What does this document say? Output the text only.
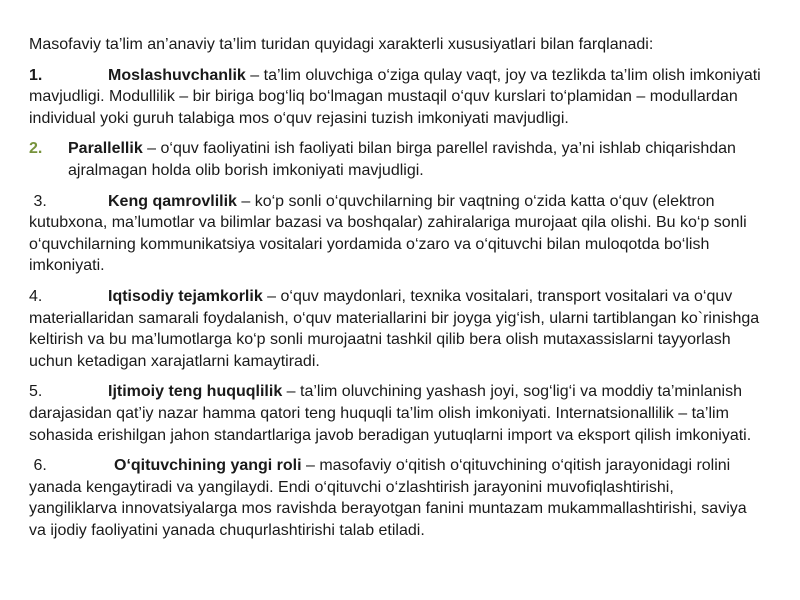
Masofaviy ta’lim an’anaviy ta’lim turidan quyidagi xarakterli xususiyatlari bilan farqlanadi:

1.	Moslashuvchanlik – ta’lim oluvchiga o‘ziga qulay vaqt, joy va tezlikda ta’lim olish imkoniyati mavjudligi. Modullilik – bir biriga bog‘liq bo‘lmagan mustaqil o‘quv kurslari to‘plamidan – modullardan individual yoki guruh talabiga mos o‘quv rejasini tuzish imkoniyati mavjudligi.

2.	Parallellik – o‘quv faoliyatini ish faoliyati bilan birga parellel ravishda, ya’ni ishlab chiqarishdan ajralmagan holda olib borish imkoniyati mavjudligi.

3.	Keng qamrovlilik – ko‘p sonli o‘quvchilarning bir vaqtning o‘zida katta o‘quv (elektron kutubxona, ma’lumotlar va bilimlar bazasi va boshqalar) zahiralariga murojaat qila olishi. Bu ko‘p sonli o‘quvchilarning kommunikatsiya vositalari yordamida o‘zaro va o‘qituvchi bilan muloqotda bo‘lish imkoniyati.

4.	Iqtisodiy tejamkorlik – o‘quv maydonlari, texnika vositalari, transport vositalari va o‘quv materiallaridan samarali foydalanish, o‘quv materiallarini bir joyga yig‘ish, ularni tartiblangan ko`rinishga keltirish va bu ma’lumotlarga ko‘p sonli murojaatni tashkil qilib bera olish mutaxassislarni tayyorlash uchun ketadigan xarajatlarni kamaytiradi.

5.	Ijtimoiy teng huquqlilik – ta’lim oluvchining yashash joyi, sog‘lig‘i va moddiy ta’minlanish darajasidan qat’iy nazar hamma qatori teng huquqli ta’lim olish imkoniyati. Internatsionallilik – ta’lim sohasida erishilgan jahon standartlariga javob beradigan yutuqlarni import va eksport qilish imkoniyati.

6.	O‘qituvchining yangi roli – masofaviy o‘qitish o‘qituvchining o‘qitish jarayonidagi rolini yanada kengaytiradi va yangilaydi. Endi o‘qituvchi o‘zlashtirish jarayonini muvofiqlashtirishi, yangiliklarva innovatsiyalarga mos ravishda berayotgan fanini muntazam mukammallashtirishi, saviya va ijodiy faoliyatini yanada chuqurlashtirishi talab etiladi.
